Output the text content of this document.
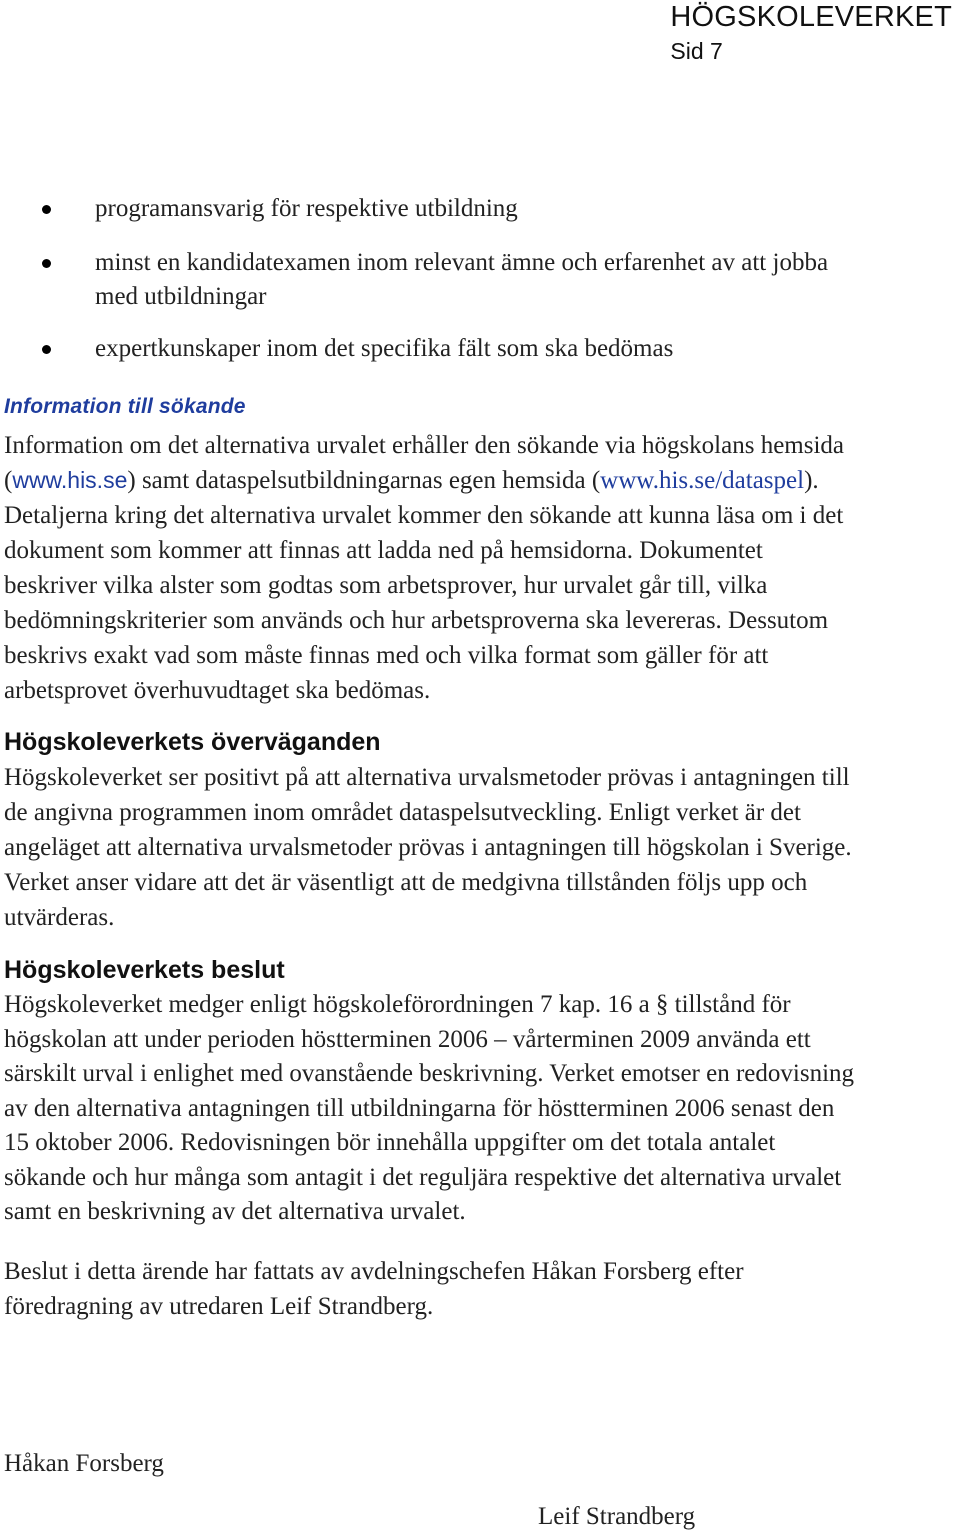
HÖGSKOLEVERKET
Sid 7
programansvarig för respektive utbildning
minst en kandidatexamen inom relevant ämne och erfarenhet av att jobba
med utbildningar
expertkunskaper inom det specifika fält som ska bedömas
Information till sökande
Information om det alternativa urvalet erhåller den sökande via högskolans hemsida
(www.his.se) samt dataspelsutbildningarnas egen hemsida (www.his.se/dataspel).
Detaljerna kring det alternativa urvalet kommer den sökande att kunna läsa om i det
dokument som kommer att finnas att ladda ned på hemsidorna. Dokumentet
beskriver vilka alster som godtas som arbetsprover, hur urvalet går till, vilka
bedömningskriterier som används och hur arbetsproverna ska levereras. Dessutom
beskrivs exakt vad som måste finnas med och vilka format som gäller för att
arbetsprovet överhuvudtaget ska bedömas.
Högskoleverkets överväganden
Högskoleverket ser positivt på att alternativa urvalsmetoder prövas i antagningen till
de angivna programmen inom området dataspelsutveckling. Enligt verket är det
angeläget att alternativa urvalsmetoder prövas i antagningen till högskolan i Sverige.
Verket anser vidare att det är väsentligt att de medgivna tillstånden följs upp och
utvärderas.
Högskoleverkets beslut
Högskoleverket medger enligt högskoleförordningen 7 kap. 16 a § tillstånd för
högskolan att under perioden höstterminen 2006 – vårterminen 2009 använda ett
särskilt urval i enlighet med ovanstående beskrivning. Verket emotser en redovisning
av den alternativa antagningen till utbildningarna för höstterminen 2006 senast den
15 oktober 2006. Redovisningen bör innehålla uppgifter om det totala antalet
sökande och hur många som antagit i det reguljära respektive det alternativa urvalet
samt en beskrivning av det alternativa urvalet.
Beslut i detta ärende har fattats av avdelningschefen Håkan Forsberg efter
föredragning av utredaren Leif Strandberg.
Håkan Forsberg
Leif Strandberg
